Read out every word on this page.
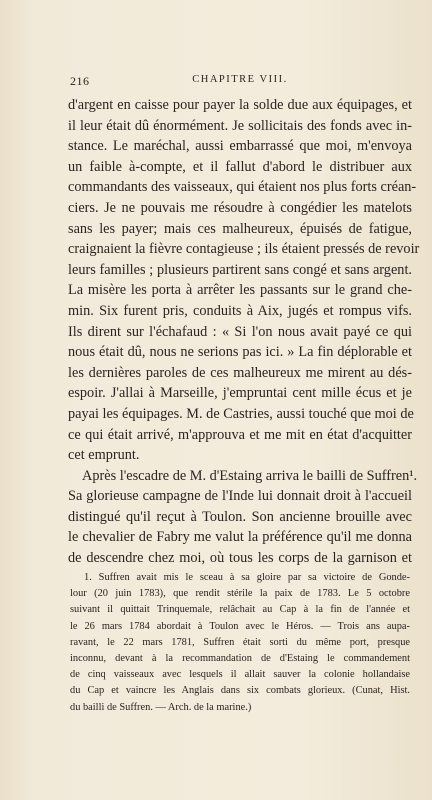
216	CHAPITRE VIII.
d'argent en caisse pour payer la solde due aux équipages, et
il leur était dû énormément. Je sollicitais des fonds avec in-
stance. Le maréchal, aussi embarrassé que moi, m'envoya
un faible à-compte, et il fallut d'abord le distribuer aux
commandants des vaisseaux, qui étaient nos plus forts créan-
ciers. Je ne pouvais me résoudre à congédier les matelots
sans les payer; mais ces malheureux, épuisés de fatigue,
craignaient la fièvre contagieuse ; ils étaient pressés de revoir
leurs familles ; plusieurs partirent sans congé et sans argent.
La misère les porta à arrêter les passants sur le grand che-
min. Six furent pris, conduits à Aix, jugés et rompus vifs.
Ils dirent sur l'échafaud : « Si l'on nous avait payé ce qui
nous était dû, nous ne serions pas ici. » La fin déplorable et
les dernières paroles de ces malheureux me mirent au dés-
espoir. J'allai à Marseille, j'empruntai cent mille écus et je
payai les équipages. M. de Castries, aussi touché que moi de
ce qui était arrivé, m'approuva et me mit en état d'acquitter
cet emprunt.
Après l'escadre de M. d'Estaing arriva le bailli de Suffren¹.
Sa glorieuse campagne de l'Inde lui donnait droit à l'accueil
distingué qu'il reçut à Toulon. Son ancienne brouille avec
le chevalier de Fabry me valut la préférence qu'il me donna
de descendre chez moi, où tous les corps de la garnison et
1. Suffren avait mis le sceau à sa gloire par sa victoire de Gonde-
lour (20 juin 1783), que rendit stérile la paix de 1783. Le 5 octobre
suivant il quittait Trinquemale, relâchait au Cap à la fin de l'année et
le 26 mars 1784 abordait à Toulon avec le Héros. — Trois ans aupa-
ravant, le 22 mars 1781, Suffren était sorti du même port, presque
inconnu, devant à la recommandation de d'Estaing le commandement
de cinq vaisseaux avec lesquels il allait sauver la colonie hollandaise
du Cap et vaincre les Anglais dans six combats glorieux. (Cunat, Hist.
du bailli de Suffren. — Arch. de la marine.)
